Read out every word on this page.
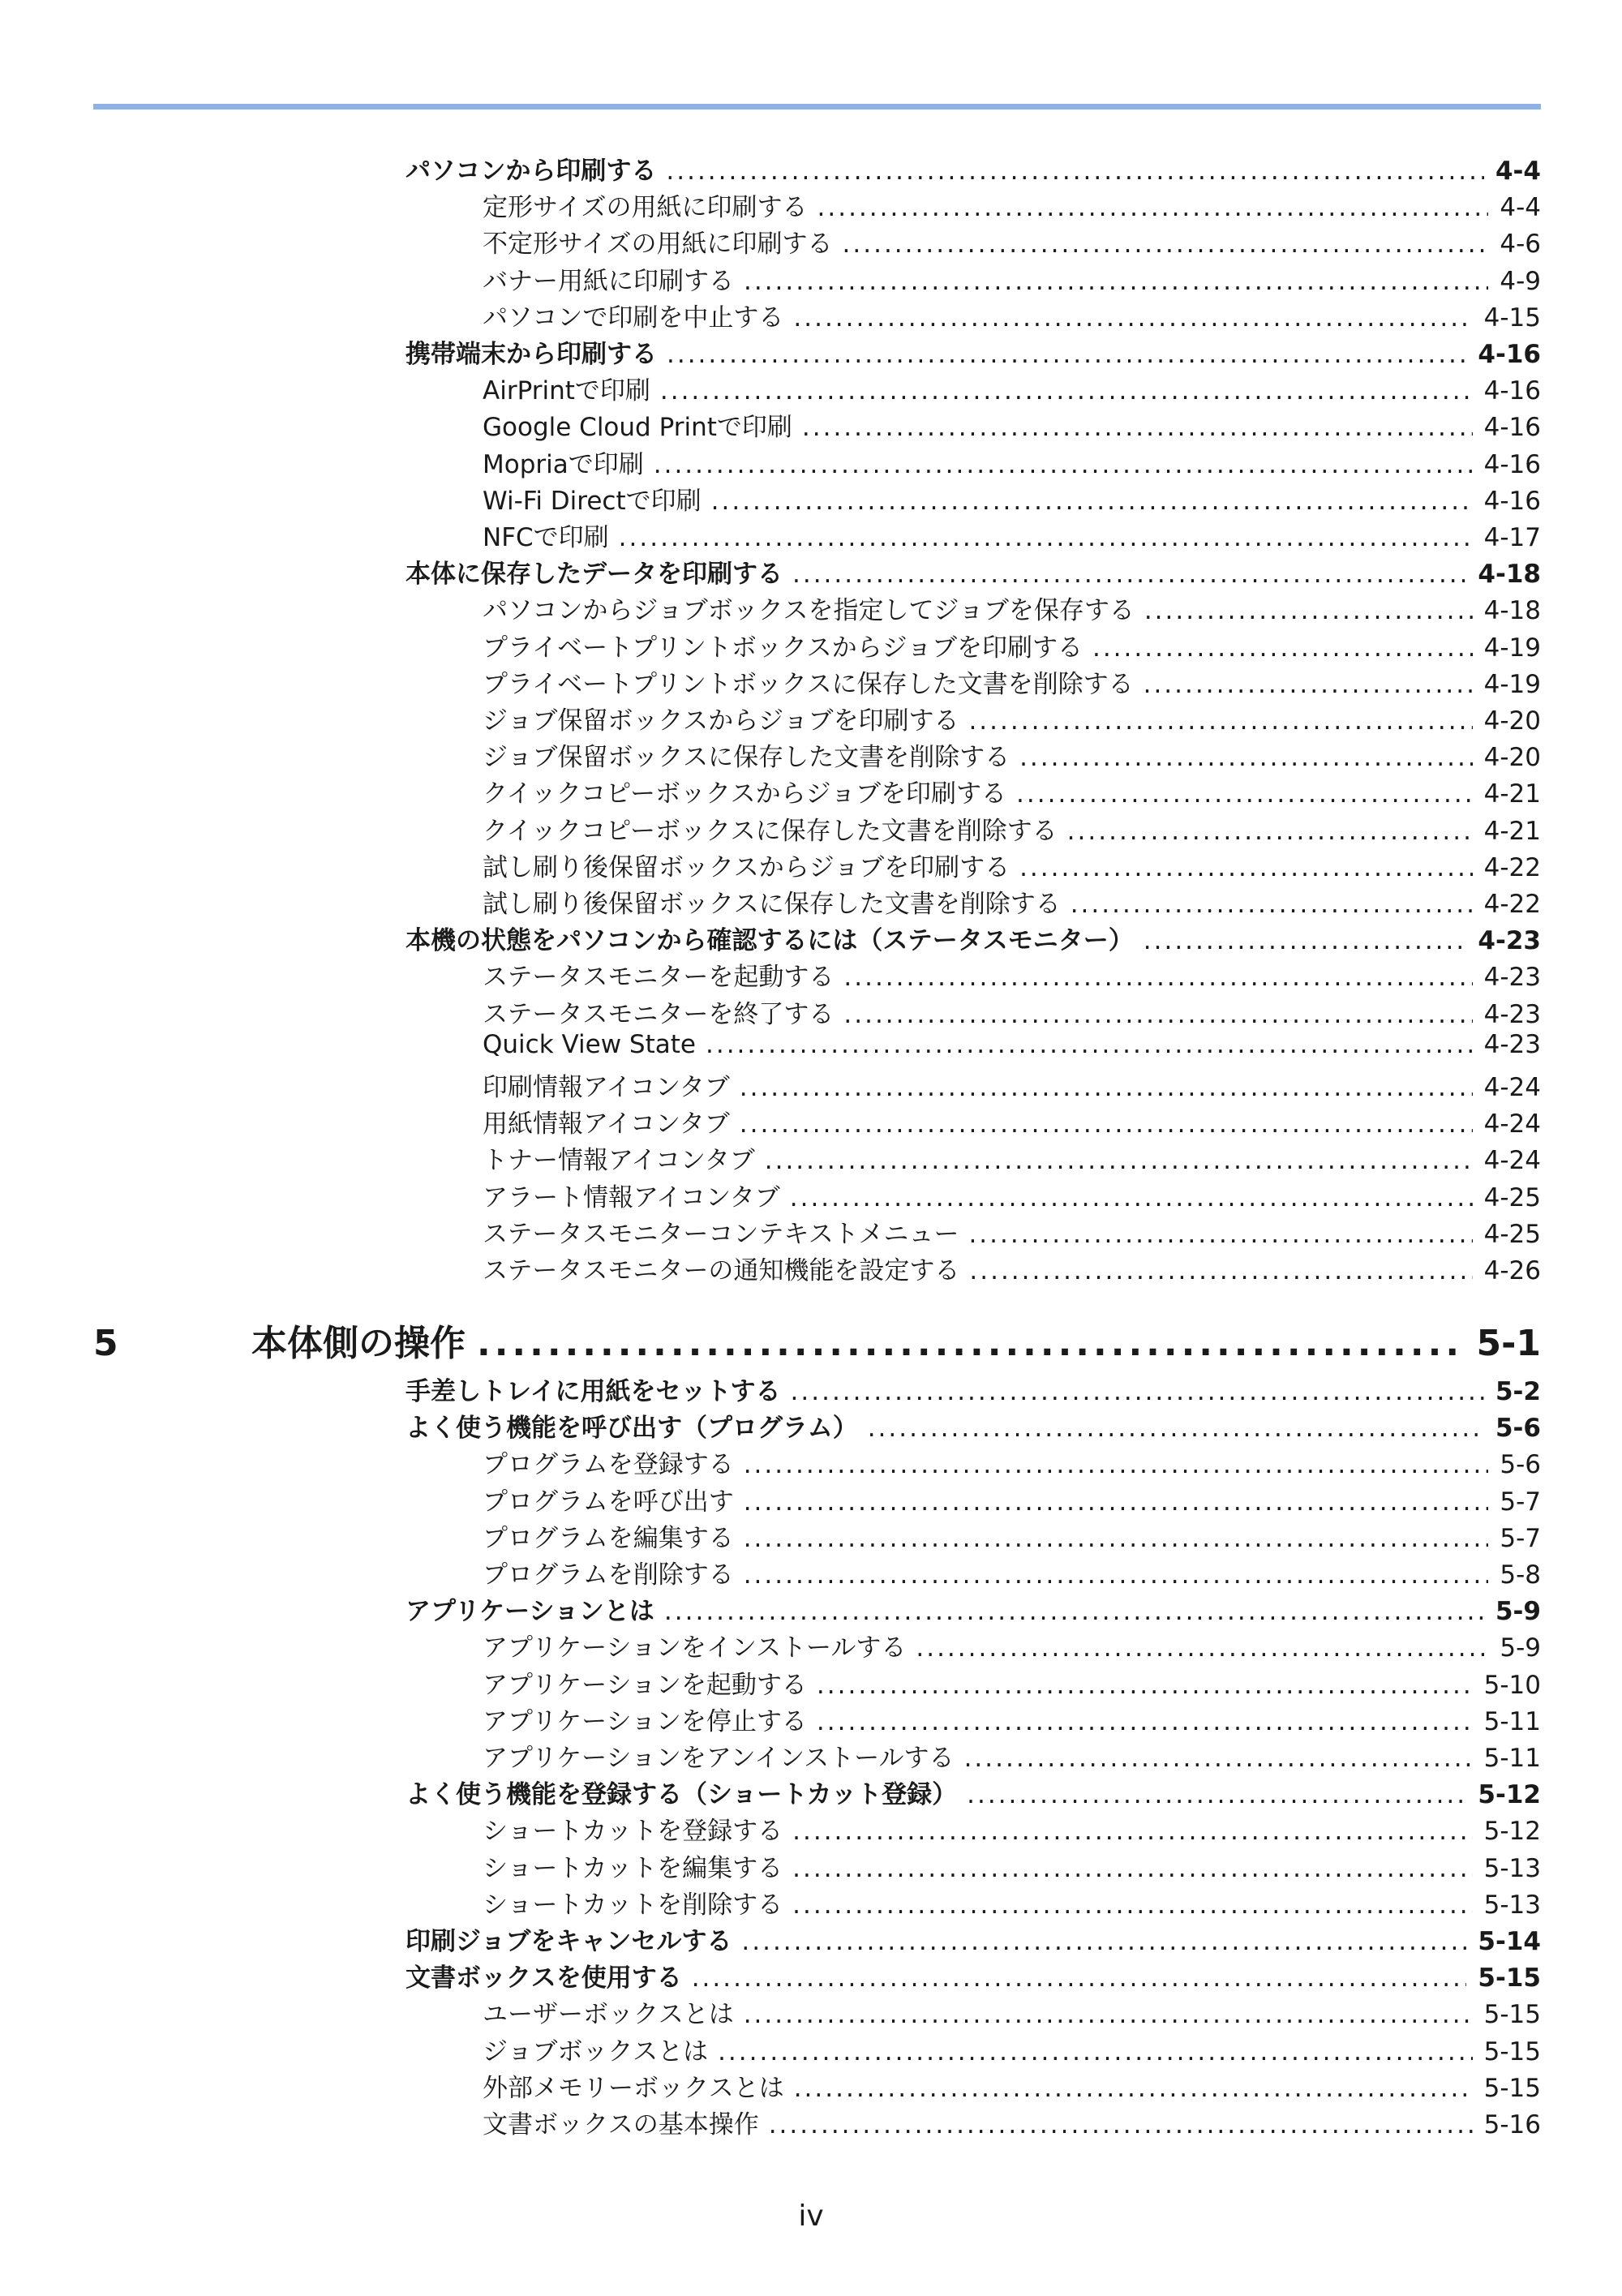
パソコンから印刷する .....	4-4
定形サイズの用紙に印刷する .....	4-4
不定形サイズの用紙に印刷する .....	4-6
バナー用紙に印刷する .....	4-9
パソコンで印刷を中止する .....	4-15
携帯端末から印刷する .....	4-16
AirPrintで印刷 .....	4-16
Google Cloud Printで印刷 .....	4-16
Mopriaで印刷 .....	4-16
Wi-Fi Directで印刷 .....	4-16
NFCで印刷 .....	4-17
本体に保存したデータを印刷する .....	4-18
パソコンからジョブボックスを指定してジョブを保存する .....	4-18
プライベートプリントボックスからジョブを印刷する .....	4-19
プライベートプリントボックスに保存した文書を削除する .....	4-19
ジョブ保留ボックスからジョブを印刷する .....	4-20
ジョブ保留ボックスに保存した文書を削除する .....	4-20
クイックコピーボックスからジョブを印刷する .....	4-21
クイックコピーボックスに保存した文書を削除する .....	4-21
試し刷り後保留ボックスからジョブを印刷する .....	4-22
試し刷り後保留ボックスに保存した文書を削除する .....	4-22
本機の状態をパソコンから確認するには（ステータスモニター） .....	4-23
ステータスモニターを起動する .....	4-23
ステータスモニターを終了する .....	4-23
Quick View State .....	4-23
印刷情報アイコンタブ .....	4-24
用紙情報アイコンタブ .....	4-24
トナー情報アイコンタブ .....	4-24
アラート情報アイコンタブ .....	4-25
ステータスモニターコンテキストメニュー .....	4-25
ステータスモニターの通知機能を設定する .....	4-26
5	本体側の操作 .....	5-1
手差しトレイに用紙をセットする .....	5-2
よく使う機能を呼び出す（プログラム） .....	5-6
プログラムを登録する .....	5-6
プログラムを呼び出す .....	5-7
プログラムを編集する .....	5-7
プログラムを削除する .....	5-8
アプリケーションとは .....	5-9
アプリケーションをインストールする .....	5-9
アプリケーションを起動する .....	5-10
アプリケーションを停止する .....	5-11
アプリケーションをアンインストールする .....	5-11
よく使う機能を登録する（ショートカット登録） .....	5-12
ショートカットを登録する .....	5-12
ショートカットを編集する .....	5-13
ショートカットを削除する .....	5-13
印刷ジョブをキャンセルする .....	5-14
文書ボックスを使用する .....	5-15
ユーザーボックスとは .....	5-15
ジョブボックスとは .....	5-15
外部メモリーボックスとは .....	5-15
文書ボックスの基本操作 .....	5-16
iv
